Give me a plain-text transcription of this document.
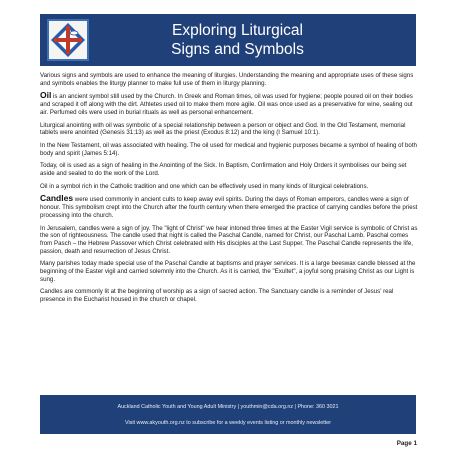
Exploring Liturgical
Signs and Symbols

Various signs and symbols are used to enhance the meaning of liturgies. Understanding the meaning and appropriate uses of these signs and symbols enables the liturgy planner to make full use of them in liturgy planning.

Oil is an ancient symbol still used by the Church. In Greek and Roman times, oil was used for hygiene; people poured oil on their bodies and scraped it off along with the dirt. Athletes used oil to make them more agile. Oil was once used as a preservative for wine, sealing out air. Perfumed oils were used in burial rituals as well as personal enhancement.

Liturgical anointing with oil was symbolic of a special relationship between a person or object and God. In the Old Testament, memorial tablets were anointed (Genesis 31:13) as well as the priest (Exodus 8:12) and the king (I Samuel 10:1).

In the New Testament, oil was associated with healing. The oil used for medical and hygienic purposes became a symbol of healing of both body and spirit (James 5:14).

Today, oil is used as a sign of healing in the Anointing of the Sick. In Baptism, Confirmation and Holy Orders it symbolises our being set aside and sealed to do the work of the Lord.

Oil in a symbol rich in the Catholic tradition and one which can be effectively used in many kinds of liturgical celebrations.

Candles were used commonly in ancient cults to keep away evil spirits. During the days of Roman emperors, candles were a sign of honour. This symbolism crept into the Church after the fourth century when there emerged the practice of carrying candles before the priest processing into the church.

In Jerusalem, candles were a sign of joy. The "light of Christ" we hear intoned three times at the Easter Vigil service is symbolic of Christ as the son of righteousness. The candle used that night is called the Paschal Candle, named for Christ, our Paschal Lamb. Paschal comes from Pasch – the Hebrew Passover which Christ celebrated with His disciples at the Last Supper. The Paschal Candle represents the life, passion, death and resurrection of Jesus Christ.

Many parishes today made special use of the Paschal Candle at baptisms and prayer services. It is a large beeswax candle blessed at the beginning of the Easter vigil and carried solemnly into the Church. As it is carried, the "Exultet", a joyful song praising Christ as our Light is sung.

Candles are commonly lit at the beginning of worship as a sign of sacred action. The Sanctuary candle is a reminder of Jesus' real presence in the Eucharist housed in the church or chapel.

Auckland Catholic Youth and Young Adult Ministry | youthmin@cda.org.nz | Phone: 360 3021
Visit www.akyouth.org.nz to subscribe for a weekly events listing or monthly newsletter
Page 1
